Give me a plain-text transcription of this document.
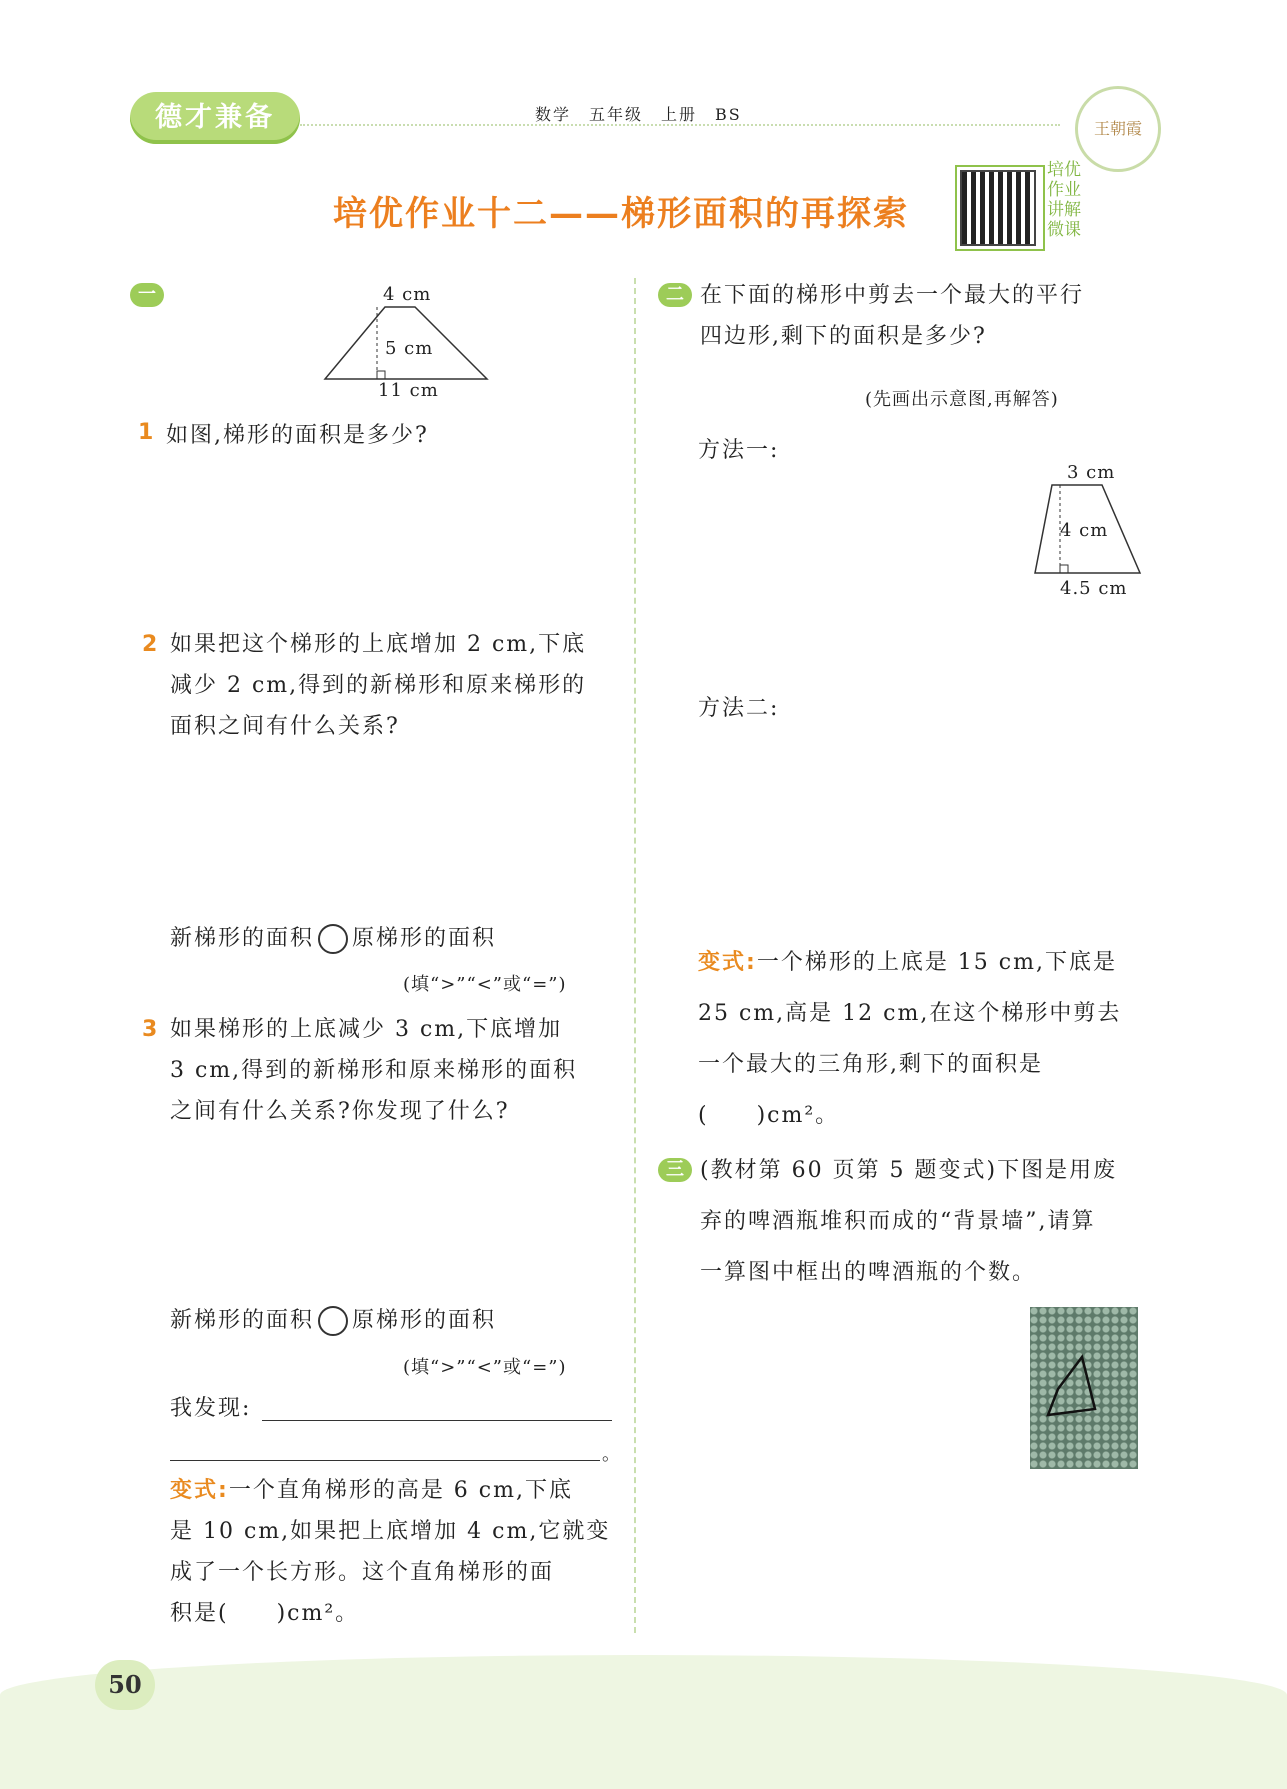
德才兼备	数学　五年级　上册　BS
王朝霞
培优作业十二——梯形面积的再探索
培优作业讲解微课
一	4 cm
5 cm
11 cm
1 如图,梯形的面积是多少?
2 如果把这个梯形的上底增加 2 cm,下底
减少 2 cm,得到的新梯形和原来梯形的
面积之间有什么关系?
新梯形的面积 原梯形的面积
(填“>”“<”或“=”)
3 如果梯形的上底减少 3 cm,下底增加
3 cm,得到的新梯形和原来梯形的面积
之间有什么关系?你发现了什么?
新梯形的面积 原梯形的面积
(填“>”“<”或“=”)
我发现:
。
变式:一个直角梯形的高是 6 cm,下底
是 10 cm,如果把上底增加 4 cm,它就变
成了一个长方形。这个直角梯形的面
积是(　　)cm²。
二 在下面的梯形中剪去一个最大的平行
四边形,剩下的面积是多少?
(先画出示意图,再解答)
方法一:
3 cm
4 cm
4.5 cm
方法二:
变式:一个梯形的上底是 15 cm,下底是
25 cm,高是 12 cm,在这个梯形中剪去
一个最大的三角形,剩下的面积是
(　　)cm²。
三 (教材第 60 页第 5 题变式)下图是用废
弃的啤酒瓶堆积而成的“背景墙”,请算
一算图中框出的啤酒瓶的个数。
50
